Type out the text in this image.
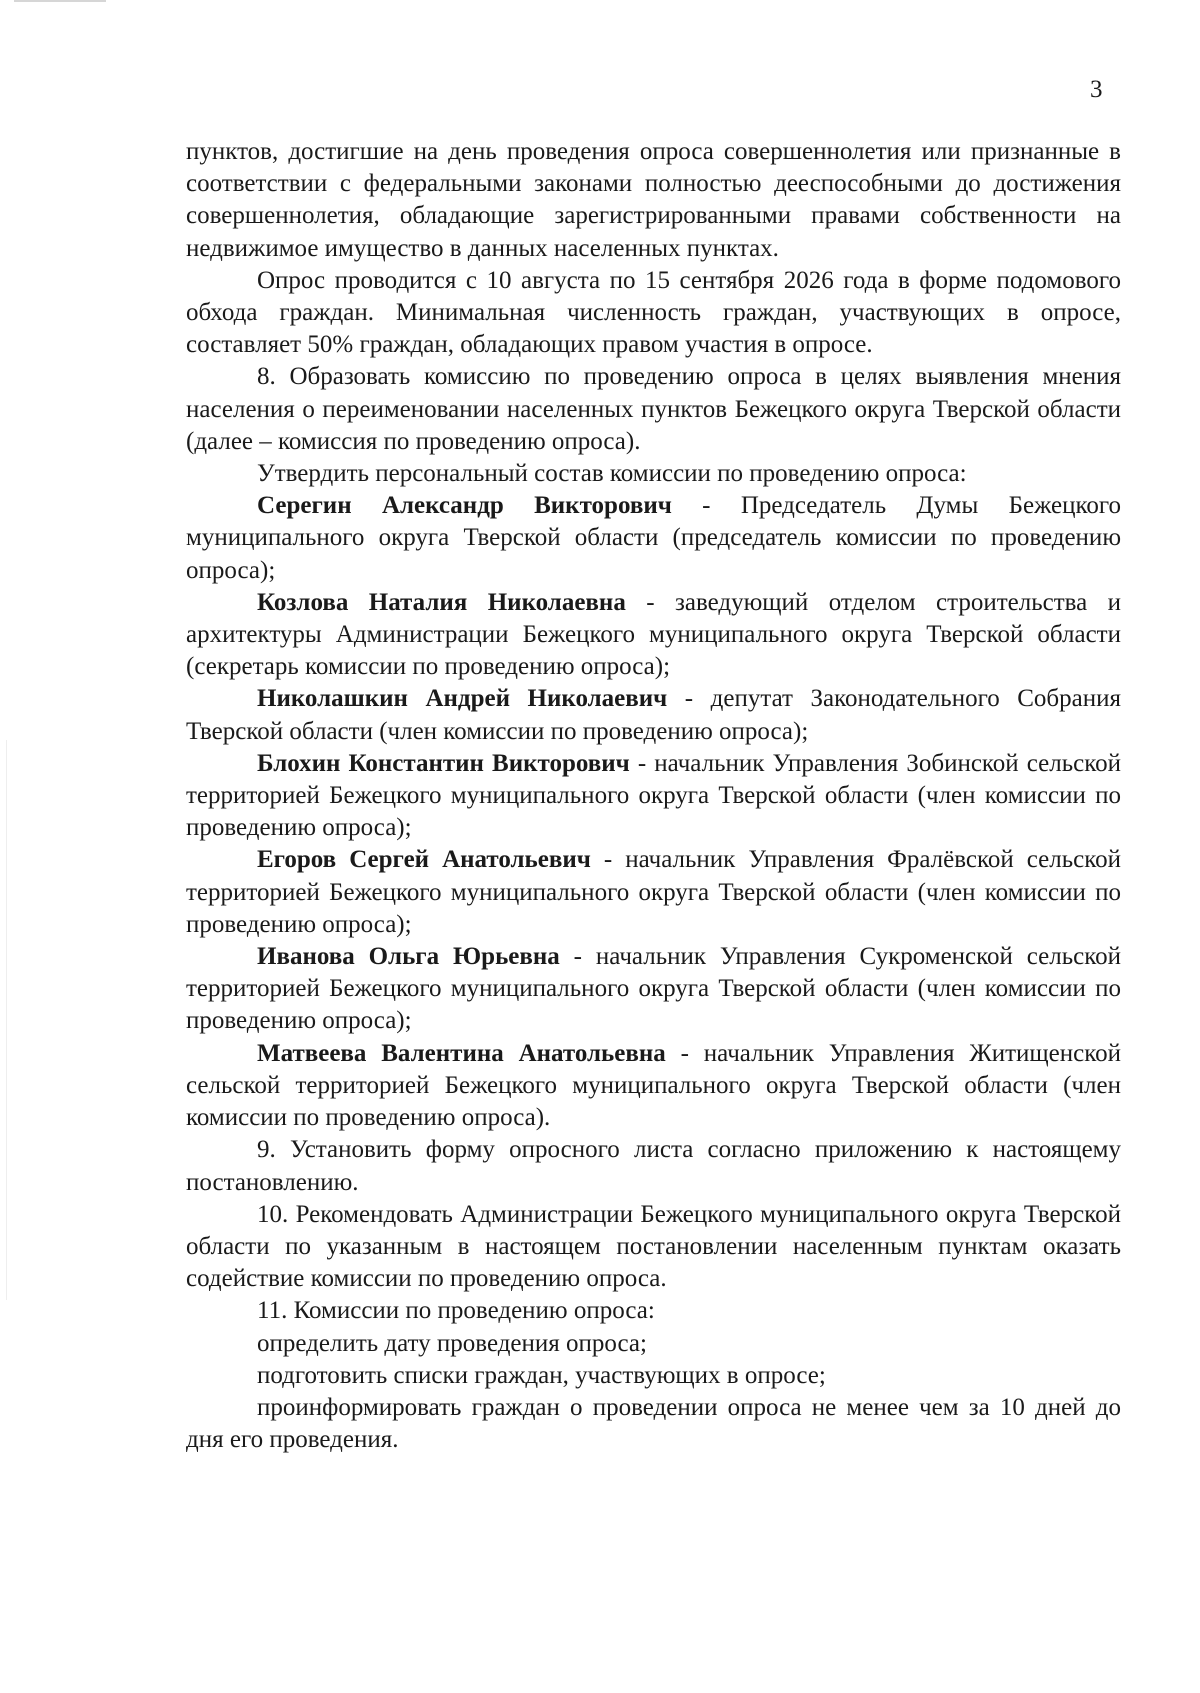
3

пунктов, достигшие на день проведения опроса совершеннолетия или признанные в соответствии с федеральными законами полностью дееспособными до достижения совершеннолетия, обладающие зарегистрированными правами собственности на недвижимое имущество в данных населенных пунктах.

Опрос проводится с 10 августа по 15 сентября 2026 года в форме подомового обхода граждан. Минимальная численность граждан, участвующих в опросе, составляет 50% граждан, обладающих правом участия в опросе.

8. Образовать комиссию по проведению опроса в целях выявления мнения населения о переименовании населенных пунктов Бежецкого округа Тверской области (далее – комиссия по проведению опроса).

Утвердить персональный состав комиссии по проведению опроса:

Серегин Александр Викторович - Председатель Думы Бежецкого муниципального округа Тверской области (председатель комиссии по проведению опроса);

Козлова Наталия Николаевна - заведующий отделом строительства и архитектуры Администрации Бежецкого муниципального округа Тверской области (секретарь комиссии по проведению опроса);

Николашкин Андрей Николаевич - депутат Законодательного Собрания Тверской области (член комиссии по проведению опроса);

Блохин Константин Викторович - начальник Управления Зобинской сельской территорией Бежецкого муниципального округа Тверской области (член комиссии по проведению опроса);

Егоров Сергей Анатольевич - начальник Управления Фралёвской сельской территорией Бежецкого муниципального округа Тверской области (член комиссии по проведению опроса);

Иванова Ольга Юрьевна - начальник Управления Сукроменской сельской территорией Бежецкого муниципального округа Тверской области (член комиссии по проведению опроса);

Матвеева Валентина Анатольевна - начальник Управления Житищенской сельской территорией Бежецкого муниципального округа Тверской области (член комиссии по проведению опроса).

9. Установить форму опросного листа согласно приложению к настоящему постановлению.

10. Рекомендовать Администрации Бежецкого муниципального округа Тверской области по указанным в настоящем постановлении населенным пунктам оказать содействие комиссии по проведению опроса.

11. Комиссии по проведению опроса:

определить дату проведения опроса;

подготовить списки граждан, участвующих в опросе;

проинформировать граждан о проведении опроса не менее чем за 10 дней до дня его проведения.
